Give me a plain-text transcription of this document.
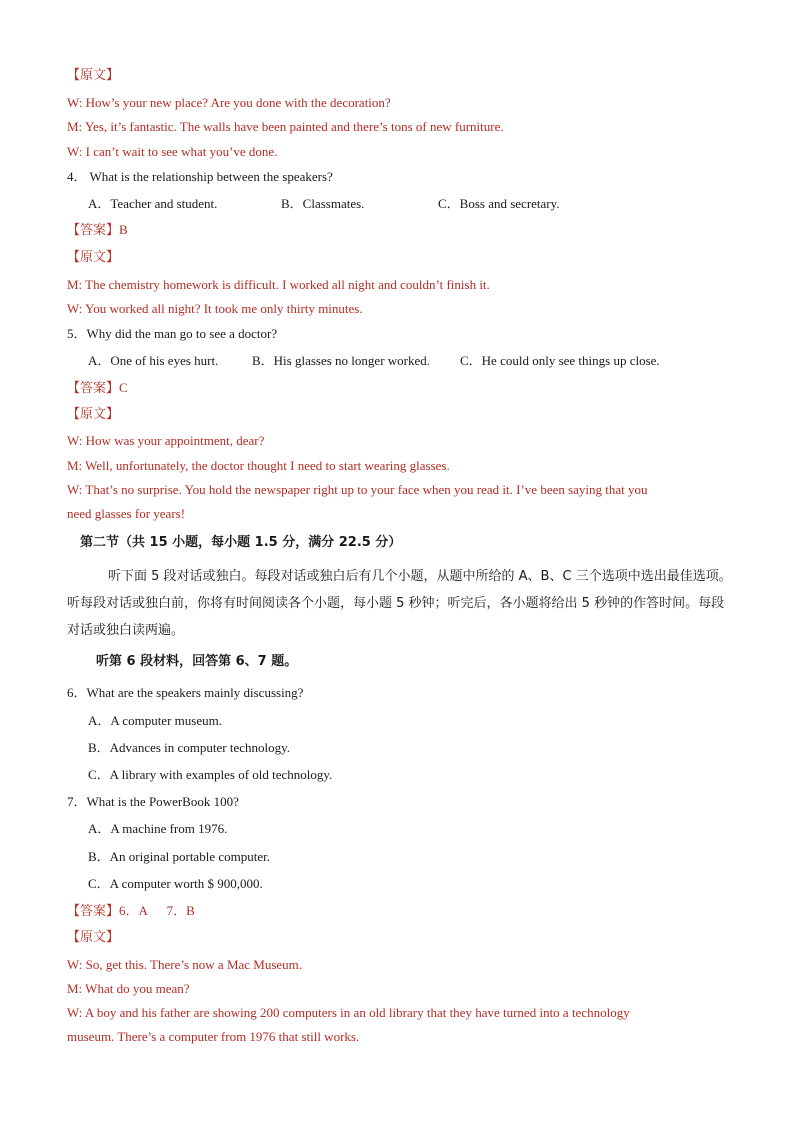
【原文】
W: How’s your new place? Are you done with the decoration?
M: Yes, it’s fantastic. The walls have been painted and there’s tons of new furniture.
W: I can’t wait to see what you’ve done.
4． What is the relationship between the speakers?
A．Teacher and student.	B．Classmates.	C．Boss and secretary.
【答案】B
【原文】
M: The chemistry homework is difficult. I worked all night and couldn’t finish it.
W: You worked all night? It took me only thirty minutes.
5．Why did the man go to see a doctor?
A．One of his eyes hurt.	B．His glasses no longer worked. C．He could only see things up close.
【答案】C
【原文】
W: How was your appointment, dear?
M: Well, unfortunately, the doctor thought I need to start wearing glasses.
W: That’s no surprise. You hold the newspaper right up to your face when you read it. I’ve been saying that you
need glasses for years!
第二节（共 15 小题，每小题 1.5 分，满分 22.5 分）
听下面 5 段对话或独白。每段对话或独白后有几个小题，从题中所给的 A、B、C 三个选项中选出最佳选项。听每段对话或独白前，你将有时间阅读各个小题，每小题 5 秒钟；听完后，各小题将给出 5 秒钟的作答时间。每段对话或独白读两遍。
听第 6 段材料，回答第 6、7 题。
6．What are the speakers mainly discussing?
A．A computer museum.
B．Advances in computer technology.
C．A library with examples of old technology.
7．What is the PowerBook 100?
A．A machine from 1976.
B．An original portable computer.
C．A computer worth $ 900,000.
【答案】6．A      7．B
【原文】
W: So, get this. There’s now a Mac Museum.
M: What do you mean?
W: A boy and his father are showing 200 computers in an old library that they have turned into a technology
museum. There’s a computer from 1976 that still works.
